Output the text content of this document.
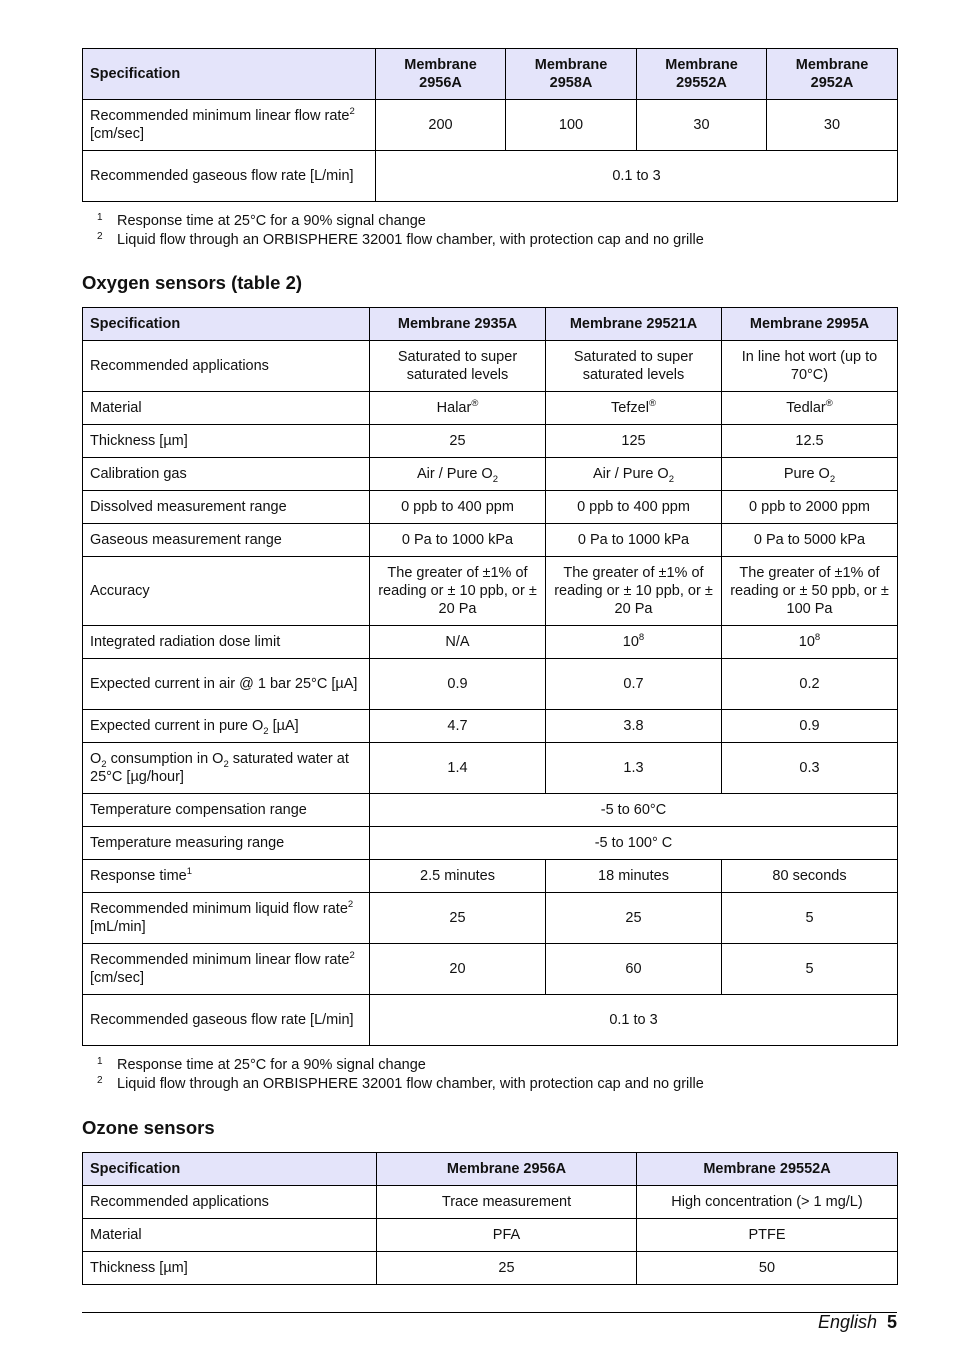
Specification	Membrane 2956A	Membrane 2958A	Membrane 29552A	Membrane 2952A
Recommended minimum linear flow rate$^2$ [cm/sec]	200	100	30	30
Recommended gaseous flow rate [L/min]	0.1 to 3			
1 Response time at 25°C for a 90% signal change
2 Liquid flow through an ORBISPHERE 32001 flow chamber, with protection cap and no grille
Oxygen sensors (table 2)
Specification	Membrane 2935A	Membrane 29521A	Membrane 2995A
Recommended applications	Saturated to super saturated levels	Saturated to super saturated levels	In line hot wort (up to 70°C)
Material	Halar®	Tefzel®	Tedlar®
Thickness [µm]	25	125	12.5
Calibration gas	Air / Pure $O_2$	Air / Pure $O_2$	Pure $O_2$
Dissolved measurement range	0 ppb to 400 ppm	0 ppb to 400 ppm	0 ppb to 2000 ppm
Gaseous measurement range	0 Pa to 1000 kPa	0 Pa to 1000 kPa	0 Pa to 5000 kPa
Accuracy	The greater of ±1% of reading or ± 10 ppb, or ± 20 Pa	The greater of ±1% of reading or ± 10 ppb, or ± 20 Pa	The greater of ±1% of reading or ± 50 ppb, or ± 100 Pa
Integrated radiation dose limit	N/A	$10^8$	$10^8$
Expected current in air @ 1 bar 25°C [µA]	0.9	0.7	0.2
Expected current in pure $O_2$ [µA]	4.7	3.8	0.9
$O_2$ consumption in $O_2$ saturated water at 25°C [µg/hour]	1.4	1.3	0.3
Temperature compensation range	-5 to 60°C		
Temperature measuring range	-5 to 100° C		
Response time$^1$	2.5 minutes	18 minutes	80 seconds
Recommended minimum liquid flow rate$^2$ [mL/min]	25	25	5
Recommended minimum linear flow rate$^2$ [cm/sec]	20	60	5
Recommended gaseous flow rate [L/min]	0.1 to 3		
1 Response time at 25°C for a 90% signal change
2 Liquid flow through an ORBISPHERE 32001 flow chamber, with protection cap and no grille
Ozone sensors
Specification	Membrane 2956A	Membrane 29552A
Recommended applications	Trace measurement	High concentration (> 1 mg/L)
Material	PFA	PTFE
Thickness [µm]	25	50
English 5
